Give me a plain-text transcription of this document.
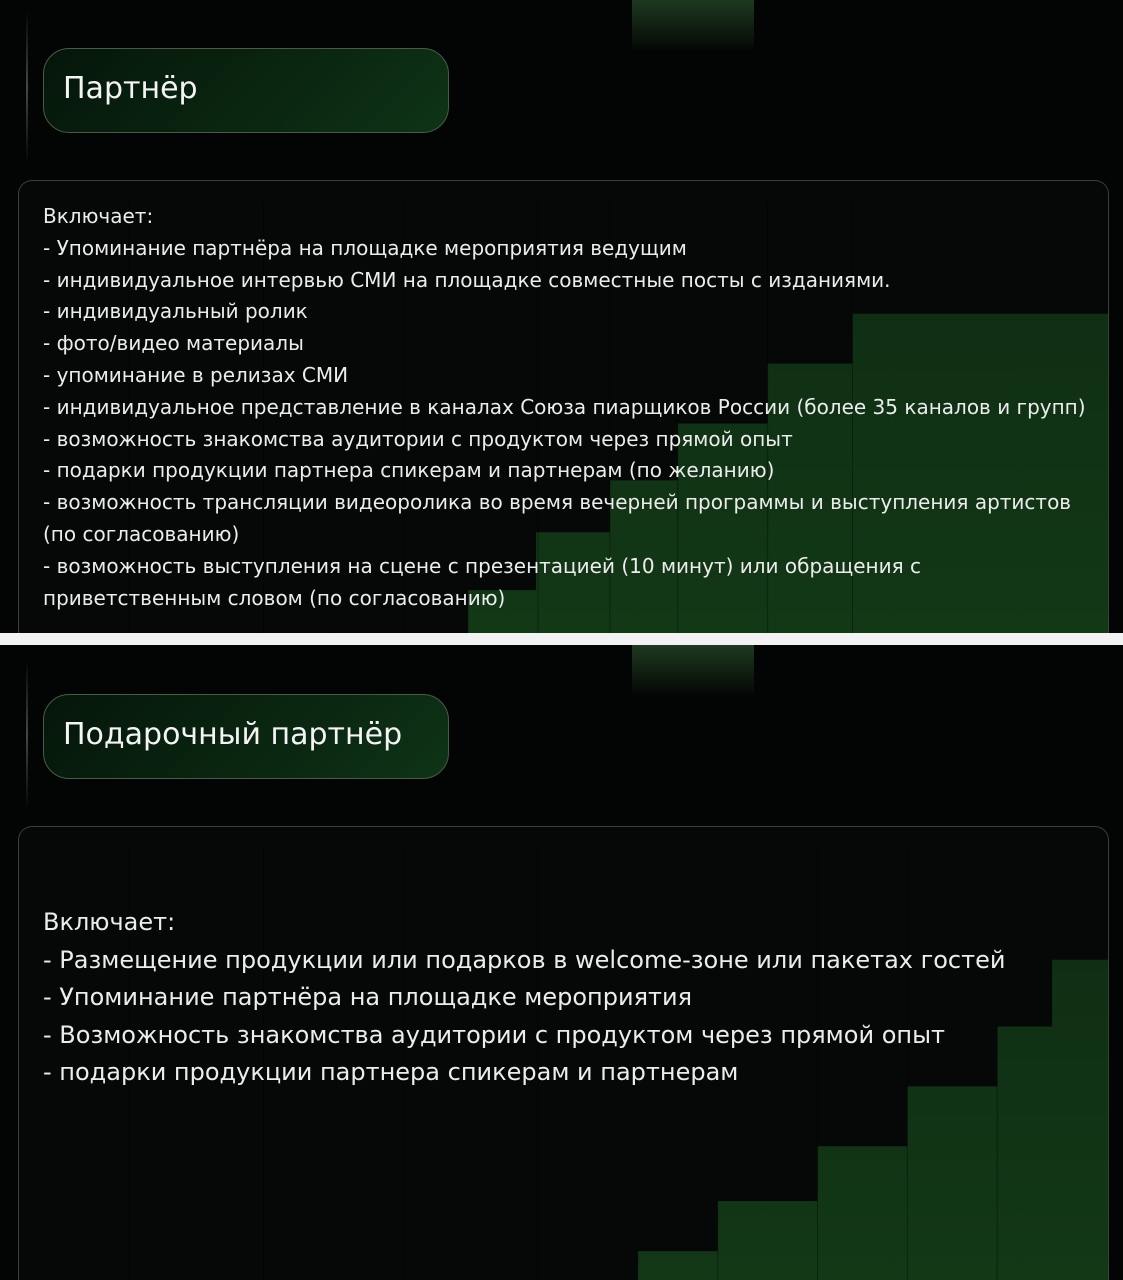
Партнёр
Включает:
- Упоминание партнёра на площадке мероприятия ведущим
- индивидуальное интервью СМИ на площадке совместные посты с изданиями.
- индивидуальный ролик
- фото/видео материалы
- упоминание в релизах СМИ
- индивидуальное представление в каналах Союза пиарщиков России (более 35 каналов и групп)
- возможность знакомства аудитории с продуктом через прямой опыт
- подарки продукции партнера спикерам и партнерам (по желанию)
- возможность трансляции видеоролика во время вечерней программы и выступления артистов (по согласованию)
- возможность выступления на сцене с презентацией (10 минут) или обращения с приветственным словом (по согласованию)
Подарочный партнёр
Включает:
- Размещение продукции или подарков в welcome-зоне или пакетах гостей
- Упоминание партнёра на площадке мероприятия
- Возможность знакомства аудитории с продуктом через прямой опыт
- подарки продукции партнера спикерам и партнерам
